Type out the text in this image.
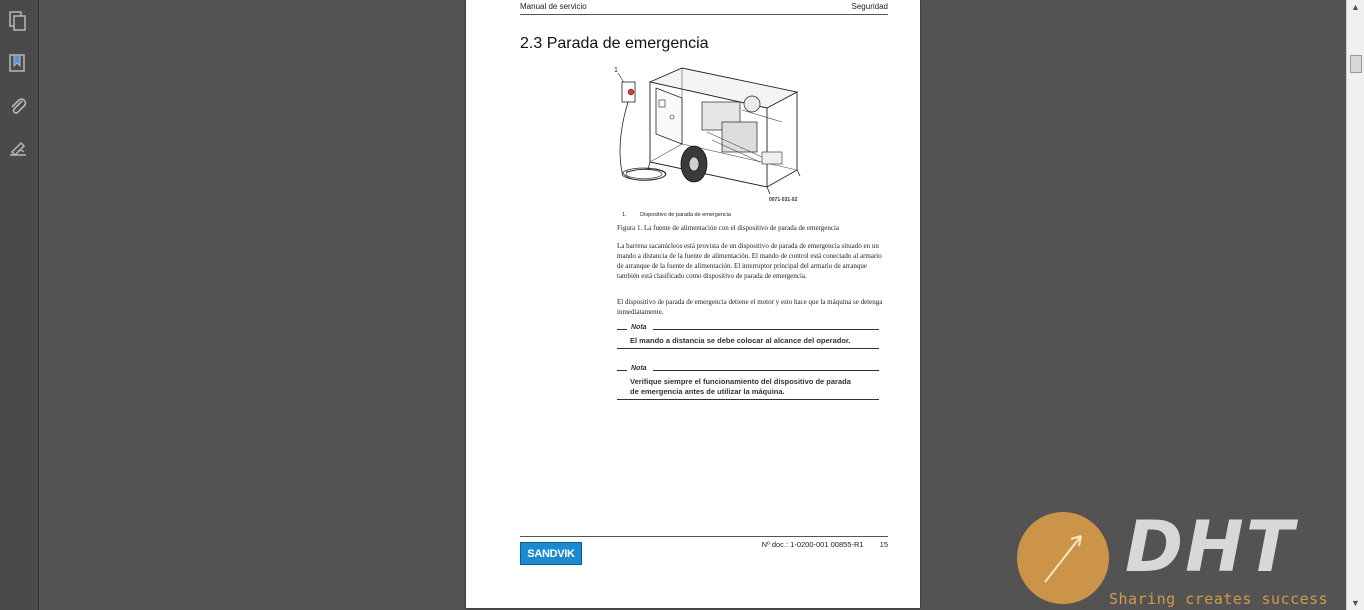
Manual de servicio	Seguridad
2.3 Parada de emergencia
1
0071-031-02
1. Dispositivo de parada de emergencia
Figura 1. La fuente de alimentación con el dispositivo de parada de emergencia
La barrena sacanúcleos está provista de un dispositivo de parada de emergencia situado en un mando a distancia de la fuente de alimentación. El mando de control está conectado al armario de arranque de la fuente de alimentación. El interruptor principal del armario de arranque también está clasificado como dispositivo de parada de emergencia.
El dispositivo de parada de emergencia detiene el motor y esto hace que la máquina se detenga inmediatamente.
Nota
El mando a distancia se debe colocar al alcance del operador.
Nota
Verifique siempre el funcionamiento del dispositivo de parada de emergencia antes de utilizar la máquina.
SANDVIK
Nº doc.: 1-0200-001 00855-R1 15
▲
▼
DHT
Sharing creates success
